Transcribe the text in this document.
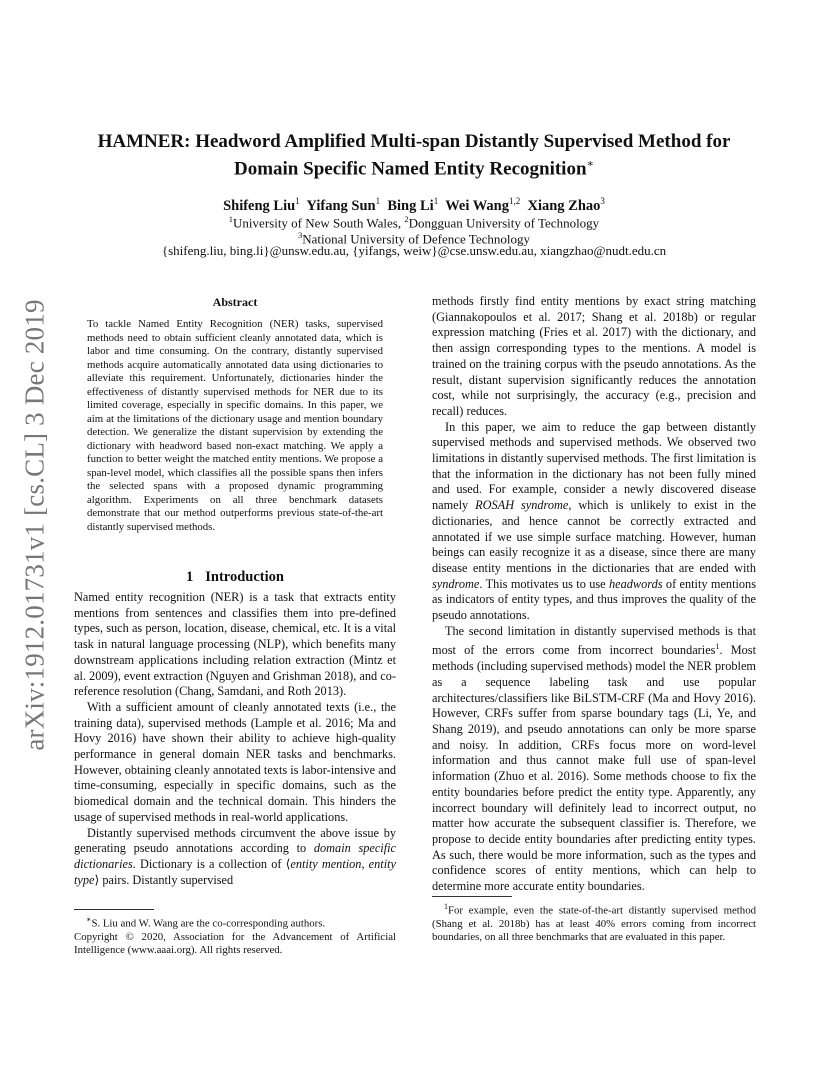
arXiv:1912.01731v1 [cs.CL] 3 Dec 2019
HAMNER: Headword Amplified Multi-span Distantly Supervised Method for
Domain Specific Named Entity Recognition∗
Shifeng Liu$^1$ Yifang Sun$^1$ Bing Li$^1$ Wei Wang$^{1,2}$ Xiang Zhao$^3$
$^1$University of New South Wales, $^2$Dongguan University of Technology
$^3$National University of Defence Technology
{shifeng.liu, bing.li}@unsw.edu.au, {yifangs, weiw}@cse.unsw.edu.au, xiangzhao@nudt.edu.cn
Abstract

To tackle Named Entity Recognition (NER) tasks, supervised methods need to obtain sufficient cleanly annotated data, which is labor and time consuming. On the contrary, distantly supervised methods acquire automatically annotated data using dictionaries to alleviate this requirement. Unfortunately, dictionaries hinder the effectiveness of distantly supervised methods for NER due to its limited coverage, especially in specific domains. In this paper, we aim at the limitations of the dictionary usage and mention boundary detection. We generalize the distant supervision by extending the dictionary with headword based non-exact matching. We apply a function to better weight the matched entity mentions. We propose a span-level model, which classifies all the possible spans then infers the selected spans with a proposed dynamic programming algorithm. Experiments on all three benchmark datasets demonstrate that our method outperforms previous state-of-the-art distantly supervised methods.

1 Introduction

Named entity recognition (NER) is a task that extracts entity mentions from sentences and classifies them into pre-defined types, such as person, location, disease, chemical, etc. It is a vital task in natural language processing (NLP), which benefits many downstream applications including relation extraction (Mintz et al. 2009), event extraction (Nguyen and Grishman 2018), and co-reference resolution (Chang, Samdani, and Roth 2013).

With a sufficient amount of cleanly annotated texts (i.e., the training data), supervised methods (Lample et al. 2016; Ma and Hovy 2016) have shown their ability to achieve high-quality performance in general domain NER tasks and benchmarks. However, obtaining cleanly annotated texts is labor-intensive and time-consuming, especially in specific domains, such as the biomedical domain and the technical domain. This hinders the usage of supervised methods in real-world applications.

Distantly supervised methods circumvent the above issue by generating pseudo annotations according to domain specific dictionaries. Dictionary is a collection of ⟨entity mention, entity type⟩ pairs. Distantly supervised

∗S. Liu and W. Wang are the co-corresponding authors.

Copyright © 2020, Association for the Advancement of Artificial Intelligence (www.aaai.org). All rights reserved.

methods firstly find entity mentions by exact string matching (Giannakopoulos et al. 2017; Shang et al. 2018b) or regular expression matching (Fries et al. 2017) with the dictionary, and then assign corresponding types to the mentions. A model is trained on the training corpus with the pseudo annotations. As the result, distant supervision significantly reduces the annotation cost, while not surprisingly, the accuracy (e.g., precision and recall) reduces.

In this paper, we aim to reduce the gap between distantly supervised methods and supervised methods. We observed two limitations in distantly supervised methods. The first limitation is that the information in the dictionary has not been fully mined and used. For example, consider a newly discovered disease namely ROSAH syndrome, which is unlikely to exist in the dictionaries, and hence cannot be correctly extracted and annotated if we use simple surface matching. However, human beings can easily recognize it as a disease, since there are many disease entity mentions in the dictionaries that are ended with syndrome. This motivates us to use headwords of entity mentions as indicators of entity types, and thus improves the quality of the pseudo annotations.

The second limitation in distantly supervised methods is that most of the errors come from incorrect boundaries$^1$. Most methods (including supervised methods) model the NER problem as a sequence labeling task and use popular architectures/classifiers like BiLSTM-CRF (Ma and Hovy 2016). However, CRFs suffer from sparse boundary tags (Li, Ye, and Shang 2019), and pseudo annotations can only be more sparse and noisy. In addition, CRFs focus more on word-level information and thus cannot make full use of span-level information (Zhuo et al. 2016). Some methods choose to fix the entity boundaries before predict the entity type. Apparently, any incorrect boundary will definitely lead to incorrect output, no matter how accurate the subsequent classifier is. Therefore, we propose to decide entity boundaries after predicting entity types. As such, there would be more information, such as the types and confidence scores of entity mentions, which can help to determine more accurate entity boundaries.

$^1$For example, even the state-of-the-art distantly supervised method (Shang et al. 2018b) has at least 40% errors coming from incorrect boundaries, on all three benchmarks that are evaluated in this paper.
